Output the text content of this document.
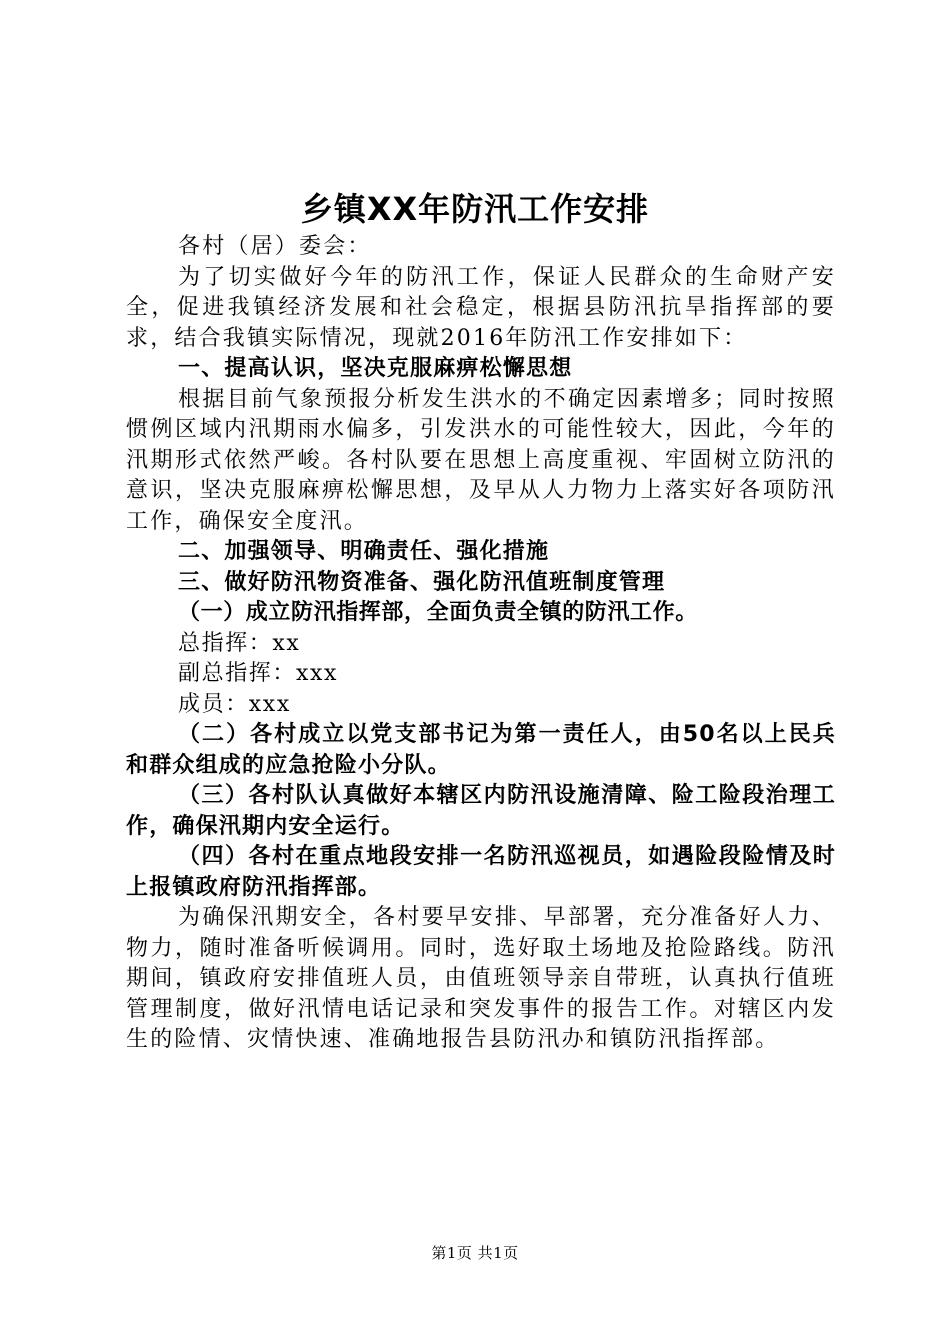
乡镇XX年防汛工作安排

各村（居）委会：

为了切实做好今年的防汛工作，保证人民群众的生命财产安全，促进我镇经济发展和社会稳定，根据县防汛抗旱指挥部的要求，结合我镇实际情况，现就2016年防汛工作安排如下：

一、提高认识，坚决克服麻痹松懈思想

根据目前气象预报分析发生洪水的不确定因素增多；同时按照惯例区域内汛期雨水偏多，引发洪水的可能性较大，因此，今年的汛期形式依然严峻。各村队要在思想上高度重视、牢固树立防汛的意识，坚决克服麻痹松懈思想，及早从人力物力上落实好各项防汛工作，确保安全度汛。

二、加强领导、明确责任、强化措施

三、做好防汛物资准备、强化防汛值班制度管理

（一）成立防汛指挥部，全面负责全镇的防汛工作。

总指挥：xx

副总指挥：xxx

成员：xxx

（二）各村成立以党支部书记为第一责任人，由50名以上民兵和群众组成的应急抢险小分队。

（三）各村队认真做好本辖区内防汛设施清障、险工险段治理工作，确保汛期内安全运行。

（四）各村在重点地段安排一名防汛巡视员，如遇险段险情及时上报镇政府防汛指挥部。

为确保汛期安全，各村要早安排、早部署，充分准备好人力、物力，随时准备听候调用。同时，选好取土场地及抢险路线。防汛期间，镇政府安排值班人员，由值班领导亲自带班，认真执行值班管理制度，做好汛情电话记录和突发事件的报告工作。对辖区内发生的险情、灾情快速、准确地报告县防汛办和镇防汛指挥部。

第1页 共1页
